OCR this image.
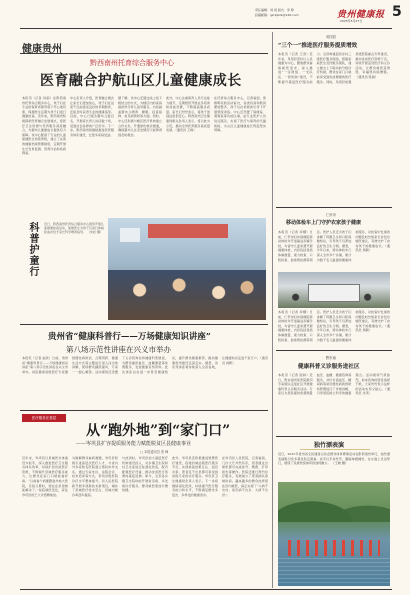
责任编辑：刘 雨 版式：李 婷
投稿邮箱：gzrbjkzk@126.com	贵州健康报 5
2025年5月27日
健康贵州
黔西南州托育综合服务中心
医育融合护航山区儿童健康成长
本报讯（记者 何娟）在黔西南州托育综合服务中心，孩子们在专业的保育老师带领下开心地玩耍，保健医生定期为孩子们进行健康检查。近年来，黔西南州积极探索医育融合发展模式，将医疗卫生资源与托育服务深度融合，为婴幼儿健康成长提供有力保障。该中心配备了专业的儿童保健医生和营养师，建立了完善的健康档案管理制度，定期开展生长发育监测、营养评估和疾病筛查。
中心负责人介绍，医育融合模式让家长们更加放心，孩子们在这里不仅能接受良好的早期教育，还能及时获得专业的健康指导。目前，中心已服务婴幼儿数百名，开展家长育儿讲座数十场，受到社会各界的广泛好评。下一步，黔西南州将继续推进托育服务体系建设，让更多家庭受益。
据了解，该中心还通过线上线下相结合的方式，为辖区内的家庭提供科学育儿指导服务，内容涵盖婴幼儿喂养、睡眠、疫苗接种、常见病预防等方面。同时，中心还积极与辖区医疗机构建立合作关系，开通绿色就诊通道，确保婴幼儿在突发情况下能够得到及时救治。
此外，中心注重保育人员专业能力提升，定期组织开展业务培训和技能竞赛，不断提高服务质量。家长们纷纷表示，将孩子送到这里很安心。黔西南州卫生健康局相关负责人表示，将以此为示范，推动全州托育服务高质量发展。（通讯员 王梅）
在托育综合服务中心，记者看到，宽敞明亮的活动室内，各类玩具和教具摆放整齐，孩子们在老师的引导下开展感统训练。中心还设置了保健室、观察室等功能区域，由专业医护人员驻点服务，实现了医疗与保育的无缝衔接，为山区儿童健康成长筑起坚实屏障。
科普护童行 近日，黔西南州托育综合服务中心组织开展儿童健康检查活动，保健医生为孩子们进行体格检查并给予家长科学喂养指导。 （朱松 摄）
贵州省“健康科普行——万场健康知识讲座”
第八场示范性讲座在兴义市举办
本报讯（记者 赵欣）日前，贵州省“健康科普行——万场健康知识讲座”第八场示范性讲座在兴义市举办。讲座邀请省级医疗专家围绕慢性病防治、合理用药、健康生活方式等主题进行深入浅出的讲解，现场群众踊跃提问，专家一一耐心解答。活动现场还设置了义诊咨询台和健康科普展板，为群众提供血压、血糖测量等免费服务，发放健康宣传资料。此次讲座旨在进一步普及健康知识，提升群众健康素养，推动健康贵州建设走深走实。据悉，该系列讲座将持续深入全省各地，让健康知识走进千家万户。（通讯员 杨帆）
医疗服务在基层
从“跑外地”到“家门口”
——岑巩县扩容提质服务能力赋能脱贫区县健康事业
□ 本报通讯员 张 峰
近年来，岑巩县以县域医共体建设为抓手，深入推进医疗卫生服务体系改革，持续扩容优质医疗资源，不断提升县域医疗服务能力，让群众在家门口就能看好病。“以前看个病要跑到外地大医院，花钱又费时，现在在县里就能解决了。”说起就医变化，家住岑巩县的王大爷感慨地说。
为破解群众看病难题，岑巩县积极引进高层次医疗人才，与省内外多家知名医院建立帮扶协作关系，通过专家坐诊、远程会诊、技术培训等方式，带动县级医院诊疗水平整体提升。县人民医院新开展多项新技术新项目，填补了县域医疗技术空白，县域内就诊率逐年提高。
与此同时，岑巩县加大基层医疗机构建设投入，对乡镇卫生院和村卫生室进行标准化改造，配齐配强医疗设备，推动优质医疗资源向基层延伸。如今，全县各乡镇卫生院均能开展常见病、多发病诊疗服务，群众就医更加方便快捷。
此外，岑巩县还积极推进智慧医疗建设，搭建县域远程医疗服务平台，实现检查结果互认、信息共享，患者足不出县即可享受到省级专家的诊疗服务。岑巩县卫生健康局负责人表示，下一步将继续深化医改，持续提升医疗服务能力和水平，不断满足群众多层次、多样化的健康需求。
在岑巩县人民医院，记者看到，门诊大厅井然有序，患者通过自助机即可完成挂号、缴费、打印报告等操作。医院还推行预约诊疗服务，有效减少了患者排队等候时间。越来越多的群众选择留在县内就医，真正实现了“小病不出村、常见病不出乡、大病不出县”。
凤冈县
“三个一”推进医疗服务提质增效
本报讯（记者 王涛）近年来，凤冈县坚持以人民健康为中心，聚焦群众看病就医需求，深入推进“一张网络、一支队伍、一套机制”建设，不断提升基层医疗服务能力。全县构建起县乡村三级医疗服务网络，组建家庭医生签约服务团队，建立健全上下联动的分级诊疗机制，群众在家门口就能享受到优质便捷的医疗服务。同时，凤冈县加强县级医院重点专科建设，推动优质医疗资源下沉，持续开展巡回医疗和义诊活动，让群众就医获得感、幸福感持续增强。（通讯员 陈晨）
仁怀市
移动体检车上门守护农家孩子健康
本报讯（记者 李娜）日前，仁怀市妇幼保健院移动体检车开进偏远乡镇学校，为留守儿童免费开展健康体检，内容包括身高体重测量、视力检查、口腔检查、血常规检测等项目。医护人员还为孩子们讲解了用眼卫生和口腔保健知识，引导孩子们养成良好的卫生习惯。据悉，今年以来，移动体检车已深入全市多个乡镇，累计为数千名儿童提供健康体检服务，对检查中发现的问题及时告知家长并给出就医建议，有效守护了农村孩子的健康成长。（通讯员 周敏）
本报讯（记者 李娜）日前，仁怀市妇幼保健院移动体检车开进偏远乡镇学校，为留守儿童免费开展健康体检，内容包括身高体重测量、视力检查、口腔检查、血常规检测等项目。医护人员还为孩子们讲解了用眼卫生和口腔保健知识，引导孩子们养成良好的卫生习惯。据悉，今年以来，移动体检车已深入全市多个乡镇，累计为数千名儿童提供健康体检服务，对检查中发现的问题及时告知家长并给出就医建议，有效守护了农村孩子的健康成长。（通讯员 周敏）
黔东南
健康科普义诊服务进社区
本报讯（记者 陆林）近日，黔东南州某医院组织专家团队走进社区开展健康科普义诊服务活动。专家们为居民提供免费测量血压、血糖、健康咨询等服务，并针对高血压、糖尿病等常见慢性病的预防和管理进行了详细讲解，引导居民树立科学的健康观念。活动现场气氛热烈，前来咨询的居民络绎不绝，大家纷纷表示这样的活动实用又贴心。（通讯员 龙英）
独竹漂表演
近日，2025年贵州省全民健身运动会群众体育赛事活动在黔西南州举行，独竹漂表演吸引众多观众驻足观看。选手们手持竹竿，脚踩单根楠竹，在水面上灵活穿行，展现了民族传统体育的独特魅力。 （王晓 摄）
